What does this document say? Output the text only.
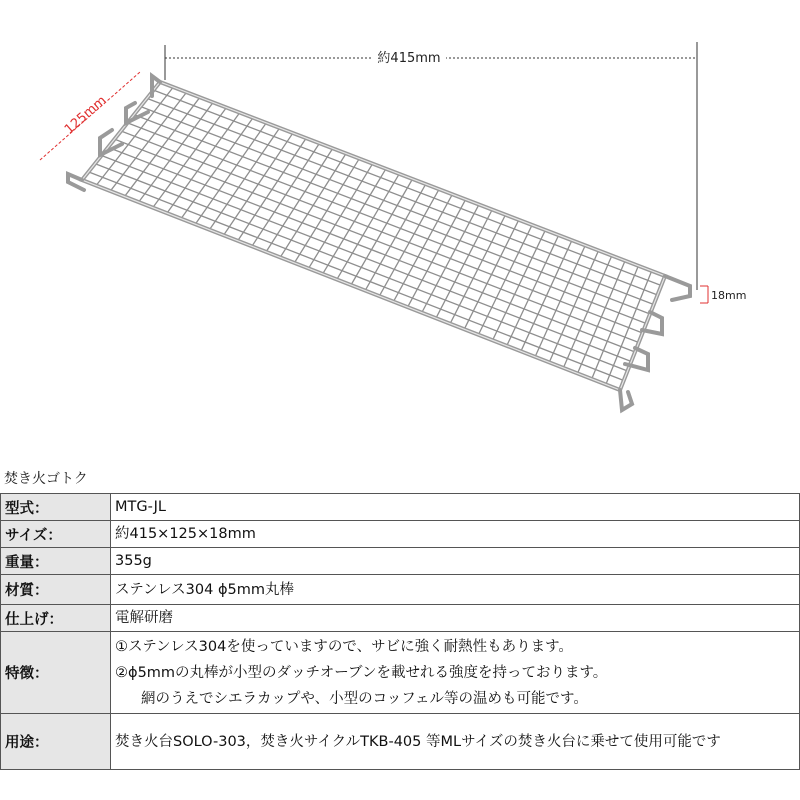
約415mm
125mm
18mm
焚き火ゴトク
型式：	MTG-JL

サイズ：	約415×125×18mm

重量：	355g

材質：	ステンレス304 ɸ5mm丸棒

仕上げ：	電解研磨

特徴：	①ステンレス304を使っていますので、サビに強く耐熱性もあります。
②ɸ5mmの丸棒が小型のダッチオーブンを載せれる強度を持っております。
網のうえでシエラカップや、小型のコッフェル等の温めも可能です。

用途：	焚き火台SOLO-303，焚き火サイクルTKB-405 等MLサイズの焚き火台に乗せて使用可能です
